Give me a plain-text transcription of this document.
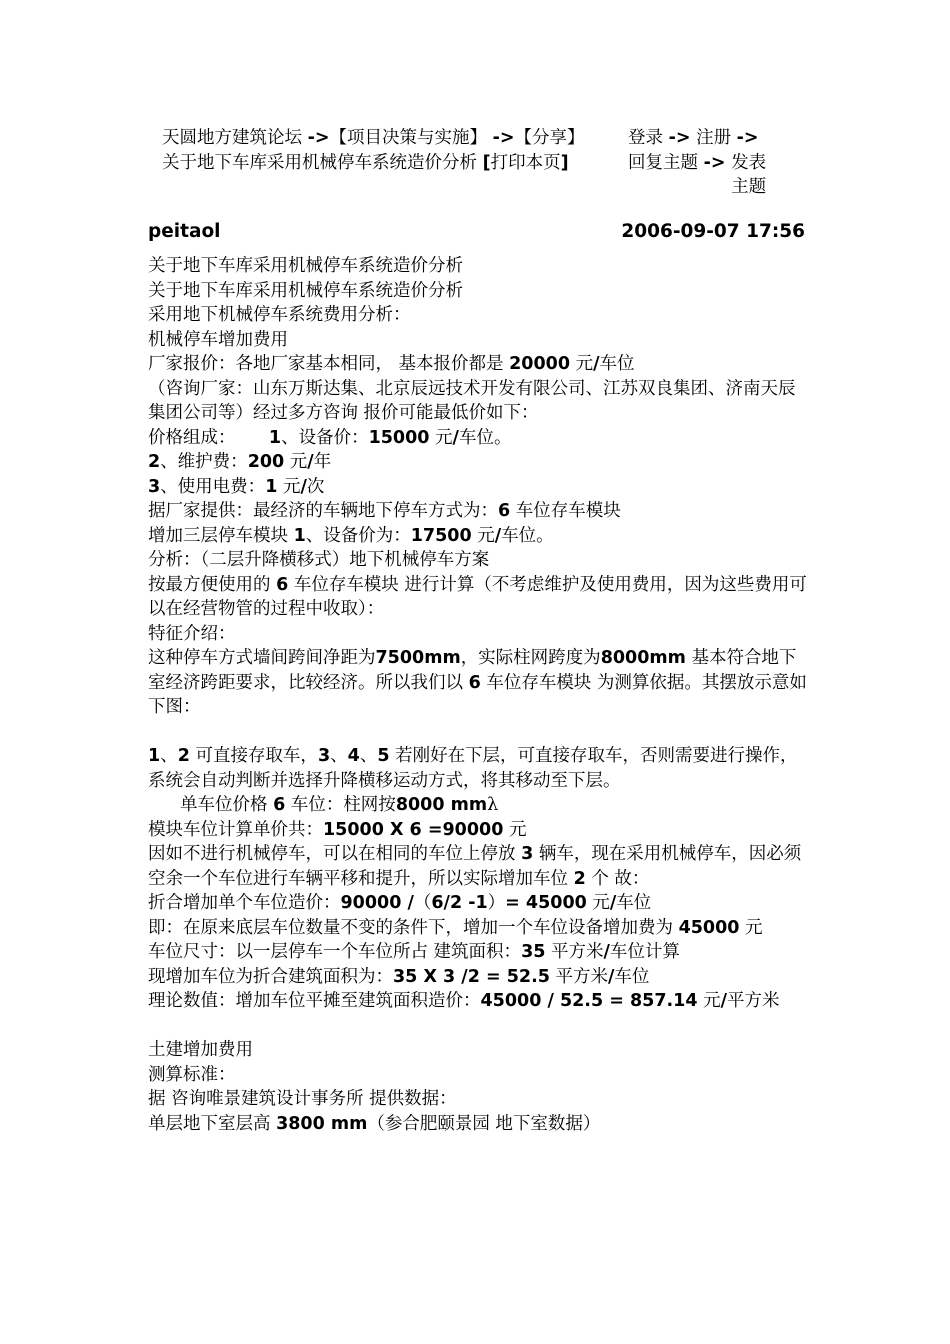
天圆地方建筑论坛 ->【项目决策与实施】 ->【分享】关于地下车库采用机械停车系统造价分析 [打印本页]
登录 -> 注册 ->
回复主题 -> 发表主题
peitaol	2006-09-07 17:56
关于地下车库采用机械停车系统造价分析
关于地下车库采用机械停车系统造价分析
采用地下机械停车系统费用分析：
机械停车增加费用
厂家报价：各地厂家基本相同， 基本报价都是 20000 元/车位
（咨询厂家：山东万斯达集、北京辰远技术开发有限公司、江苏双良集团、济南天辰集团公司等）经过多方咨询 报价可能最低价如下：
价格组成：      1、设备价：15000 元/车位。
2、维护费：200 元/年
3、使用电费：1 元/次
据厂家提供：最经济的车辆地下停车方式为：6 车位存车模块
增加三层停车模块 1、设备价为：17500 元/车位。
分析：（二层升降横移式）地下机械停车方案
按最方便使用的 6 车位存车模块 进行计算（不考虑维护及使用费用，因为这些费用可以在经营物管的过程中收取）：
特征介绍：
这种停车方式墙间跨间净距为7500mm，实际柱网跨度为8000mm 基本符合地下室经济跨距要求，比较经济。所以我们以 6 车位存车模块 为测算依据。其摆放示意如下图：
1、2 可直接存取车，3、4、5 若刚好在下层，可直接存取车，否则需要进行操作，系统会自动判断并选择升降横移运动方式，将其移动至下层。
单车位价格 6 车位：柱网按8000 mmλ
模块车位计算单价共：15000 X 6 =90000 元
因如不进行机械停车，可以在相同的车位上停放 3 辆车，现在采用机械停车，因必须空余一个车位进行车辆平移和提升，所以实际增加车位 2 个 故：
折合增加单个车位造价：90000 /（6/2 -1）= 45000 元/车位
即：在原来底层车位数量不变的条件下，增加一个车位设备增加费为 45000 元
车位尺寸：以一层停车一个车位所占 建筑面积：35 平方米/车位计算
现增加车位为折合建筑面积为：35 X 3 /2 = 52.5 平方米/车位
理论数值：增加车位平摊至建筑面积造价：45000 / 52.5 = 857.14 元/平方米
土建增加费用
测算标准：
据 咨询唯景建筑设计事务所 提供数据：
单层地下室层高 3800 mm（参合肥颐景园 地下室数据）
